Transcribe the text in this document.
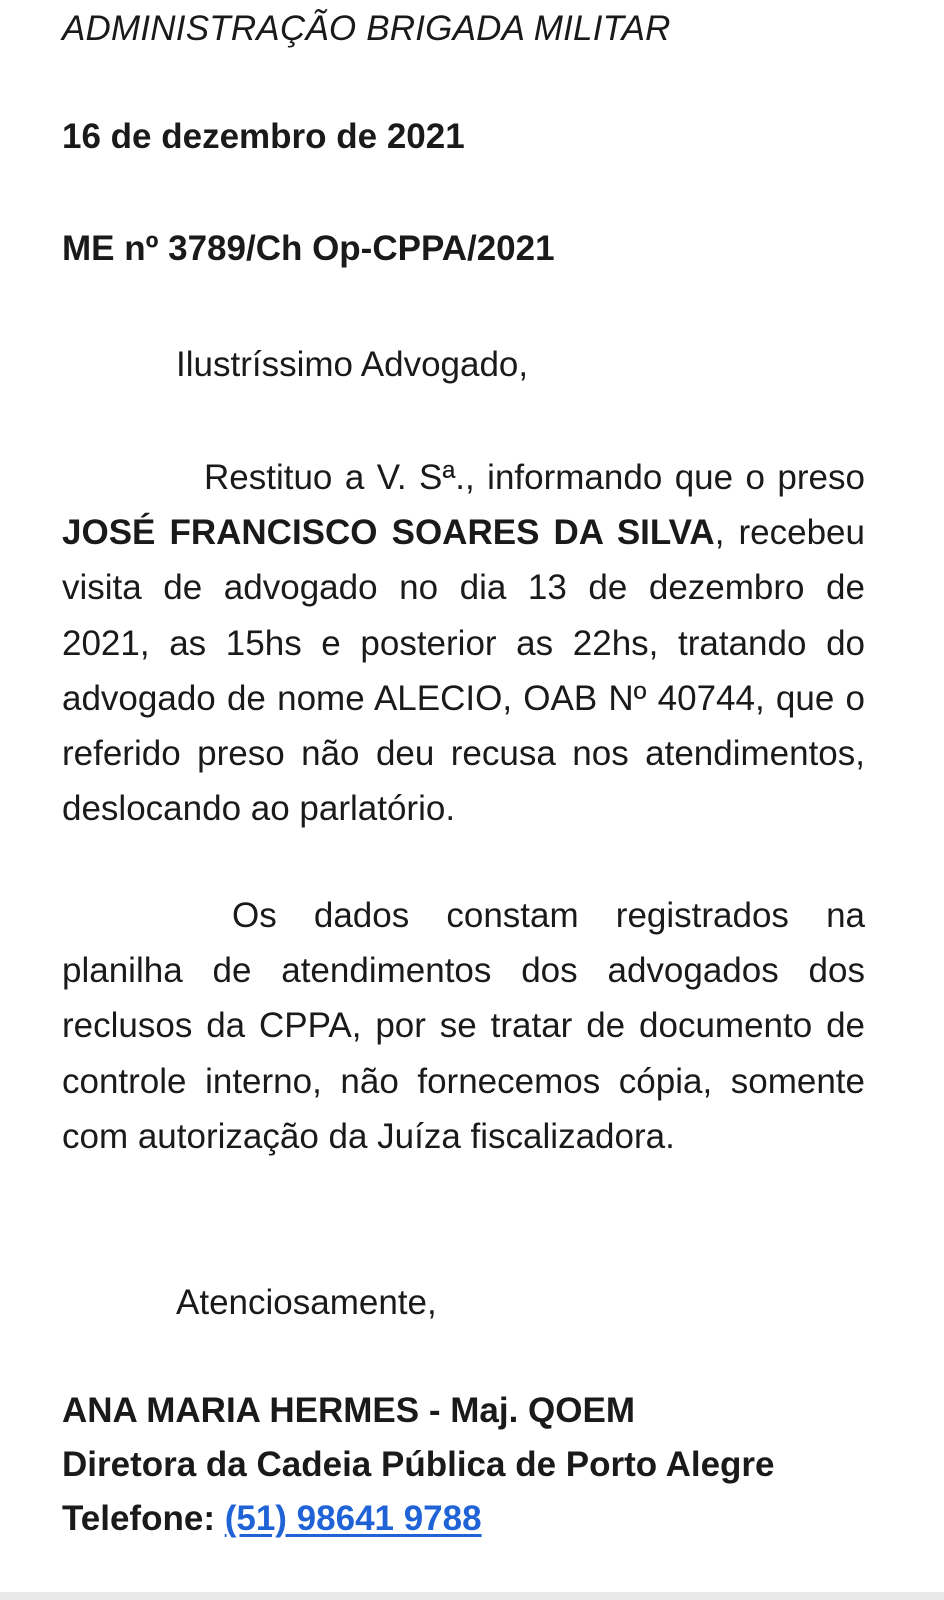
ADMINISTRAÇÃO BRIGADA MILITAR
16 de dezembro de 2021
ME nº 3789/Ch Op-CPPA/2021
Ilustríssimo Advogado,
Restituo a V. Sª., informando que o preso JOSÉ FRANCISCO SOARES DA SILVA, recebeu visita de advogado no dia 13 de dezembro de 2021, as 15hs e posterior as 22hs, tratando do advogado de nome ALECIO, OAB Nº 40744, que o referido preso não deu recusa nos atendimentos, deslocando ao parlatório.
Os dados constam registrados na planilha de atendimentos dos advogados dos reclusos da CPPA, por se tratar de documento de controle interno, não fornecemos cópia, somente com autorização da Juíza fiscalizadora.
Atenciosamente,
ANA MARIA HERMES - Maj. QOEM
Diretora da Cadeia Pública de Porto Alegre
Telefone: (51) 98641 9788
